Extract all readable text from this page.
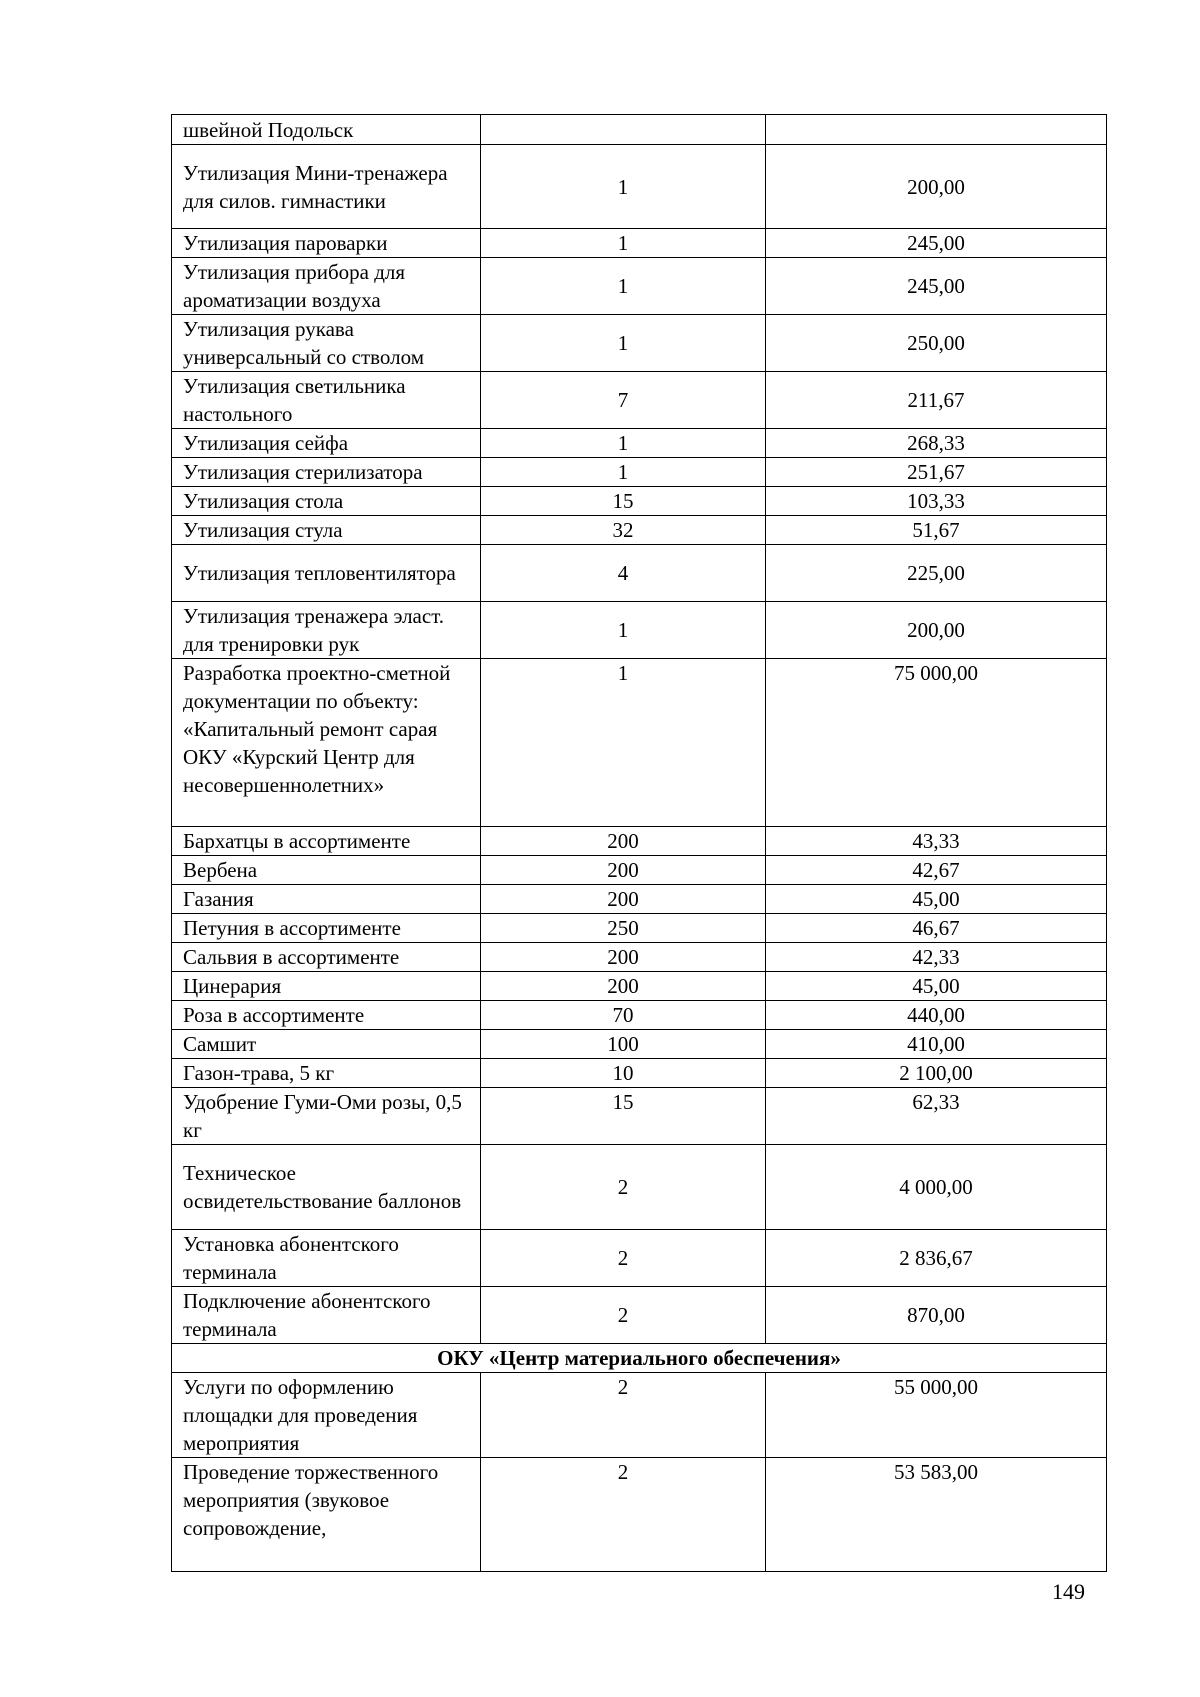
швейной Подольск		
Утилизация Мини-тренажера для силов. гимнастики	1	200,00
Утилизация пароварки	1	245,00
Утилизация прибора для ароматизации воздуха	1	245,00
Утилизация рукава универсальный со стволом	1	250,00
Утилизация светильника настольного	7	211,67
Утилизация сейфа	1	268,33
Утилизация стерилизатора	1	251,67
Утилизация стола	15	103,33
Утилизация стула	32	51,67
Утилизация тепловентилятора	4	225,00
Утилизация тренажера эласт. для тренировки рук	1	200,00
Разработка проектно-сметной документации по объекту: «Капитальный ремонт сарая ОКУ «Курский Центр для несовершеннолетних»	1	75 000,00
Бархатцы в ассортименте	200	43,33
Вербена	200	42,67
Газания	200	45,00
Петуния в ассортименте	250	46,67
Сальвия в ассортименте	200	42,33
Цинерария	200	45,00
Роза в ассортименте	70	440,00
Самшит	100	410,00
Газон-трава, 5 кг	10	2 100,00
Удобрение Гуми-Оми розы, 0,5 кг	15	62,33
Техническое освидетельствование баллонов	2	4 000,00
Установка абонентского терминала	2	2 836,67
Подключение абонентского терминала	2	870,00
ОКУ «Центр материального обеспечения»		
Услуги по оформлению площадки для проведения мероприятия	2	55 000,00
Проведение торжественного мероприятия (звуковое сопровождение,	2	53 583,00
149
